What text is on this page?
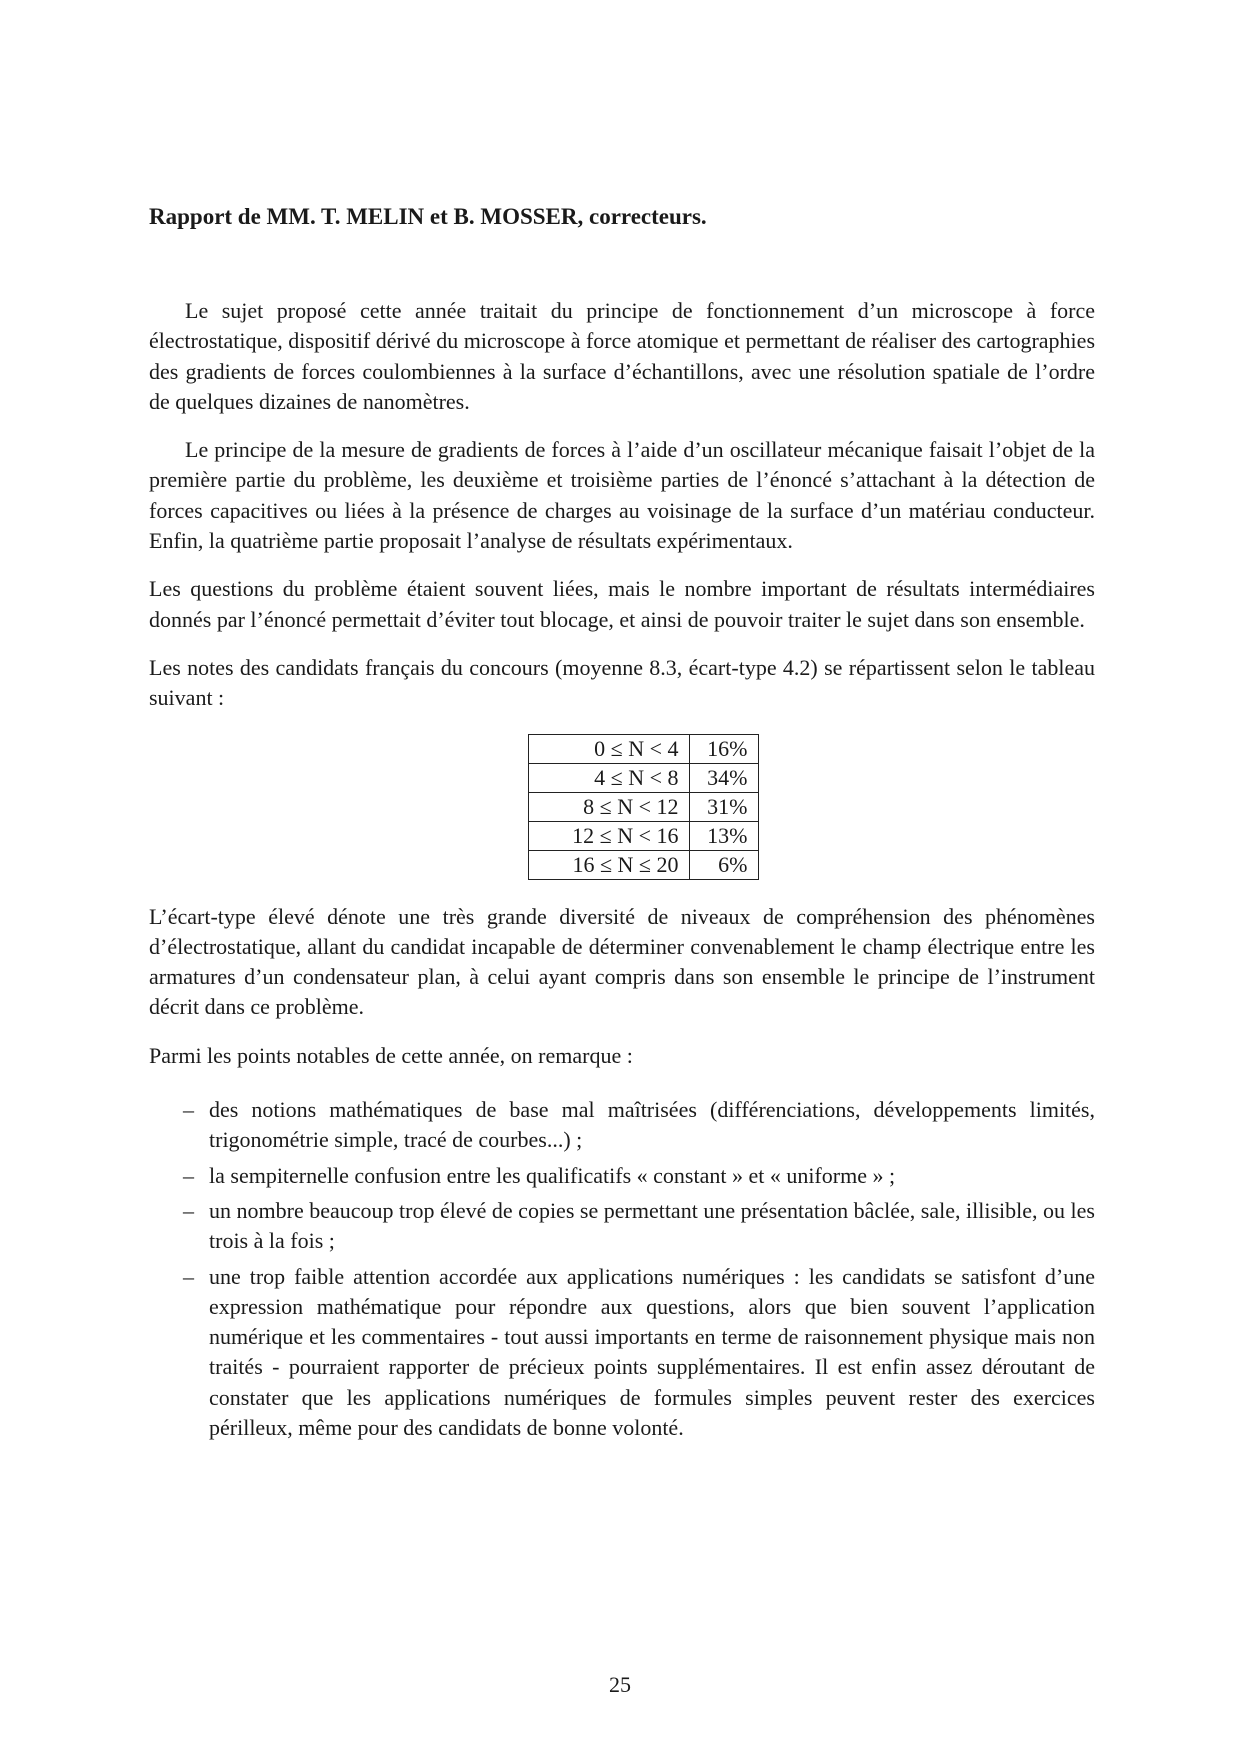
Rapport de MM. T. MELIN et B. MOSSER, correcteurs.

Le sujet proposé cette année traitait du principe de fonctionnement d’un microscope à force électrostatique, dispositif dérivé du microscope à force atomique et permettant de réaliser des cartographies des gradients de forces coulombiennes à la surface d’échantillons, avec une résolution spatiale de l’ordre de quelques dizaines de nanomètres.

Le principe de la mesure de gradients de forces à l’aide d’un oscillateur mécanique faisait l’objet de la première partie du problème, les deuxième et troisième parties de l’énoncé s’attachant à la détection de forces capacitives ou liées à la présence de charges au voisinage de la surface d’un matériau conducteur. Enfin, la quatrième partie proposait l’analyse de résultats expérimentaux.

Les questions du problème étaient souvent liées, mais le nombre important de résultats intermédiaires donnés par l’énoncé permettait d’éviter tout blocage, et ainsi de pouvoir traiter le sujet dans son ensemble.

Les notes des candidats français du concours (moyenne 8.3, écart-type 4.2) se répartissent selon le tableau suivant :

0 ≤ N < 4	16%
4 ≤ N < 8	34%
8 ≤ N < 12	31%
12 ≤ N < 16	13%
16 ≤ N ≤ 20	6%

L’écart-type élevé dénote une très grande diversité de niveaux de compréhension des phénomènes d’électrostatique, allant du candidat incapable de déterminer convenablement le champ électrique entre les armatures d’un condensateur plan, à celui ayant compris dans son ensemble le principe de l’instrument décrit dans ce problème.

Parmi les points notables de cette année, on remarque :

– des notions mathématiques de base mal maîtrisées (différenciations, développements limités, trigonométrie simple, tracé de courbes...) ;
– la sempiternelle confusion entre les qualificatifs « constant » et « uniforme » ;
– un nombre beaucoup trop élevé de copies se permettant une présentation bâclée, sale, illisible, ou les trois à la fois ;
– une trop faible attention accordée aux applications numériques : les candidats se satisfont d’une expression mathématique pour répondre aux questions, alors que bien souvent l’application numérique et les commentaires - tout aussi importants en terme de raisonnement physique mais non traités - pourraient rapporter de précieux points supplémentaires. Il est enfin assez déroutant de constater que les applications numériques de formules simples peuvent rester des exercices périlleux, même pour des candidats de bonne volonté.
25
